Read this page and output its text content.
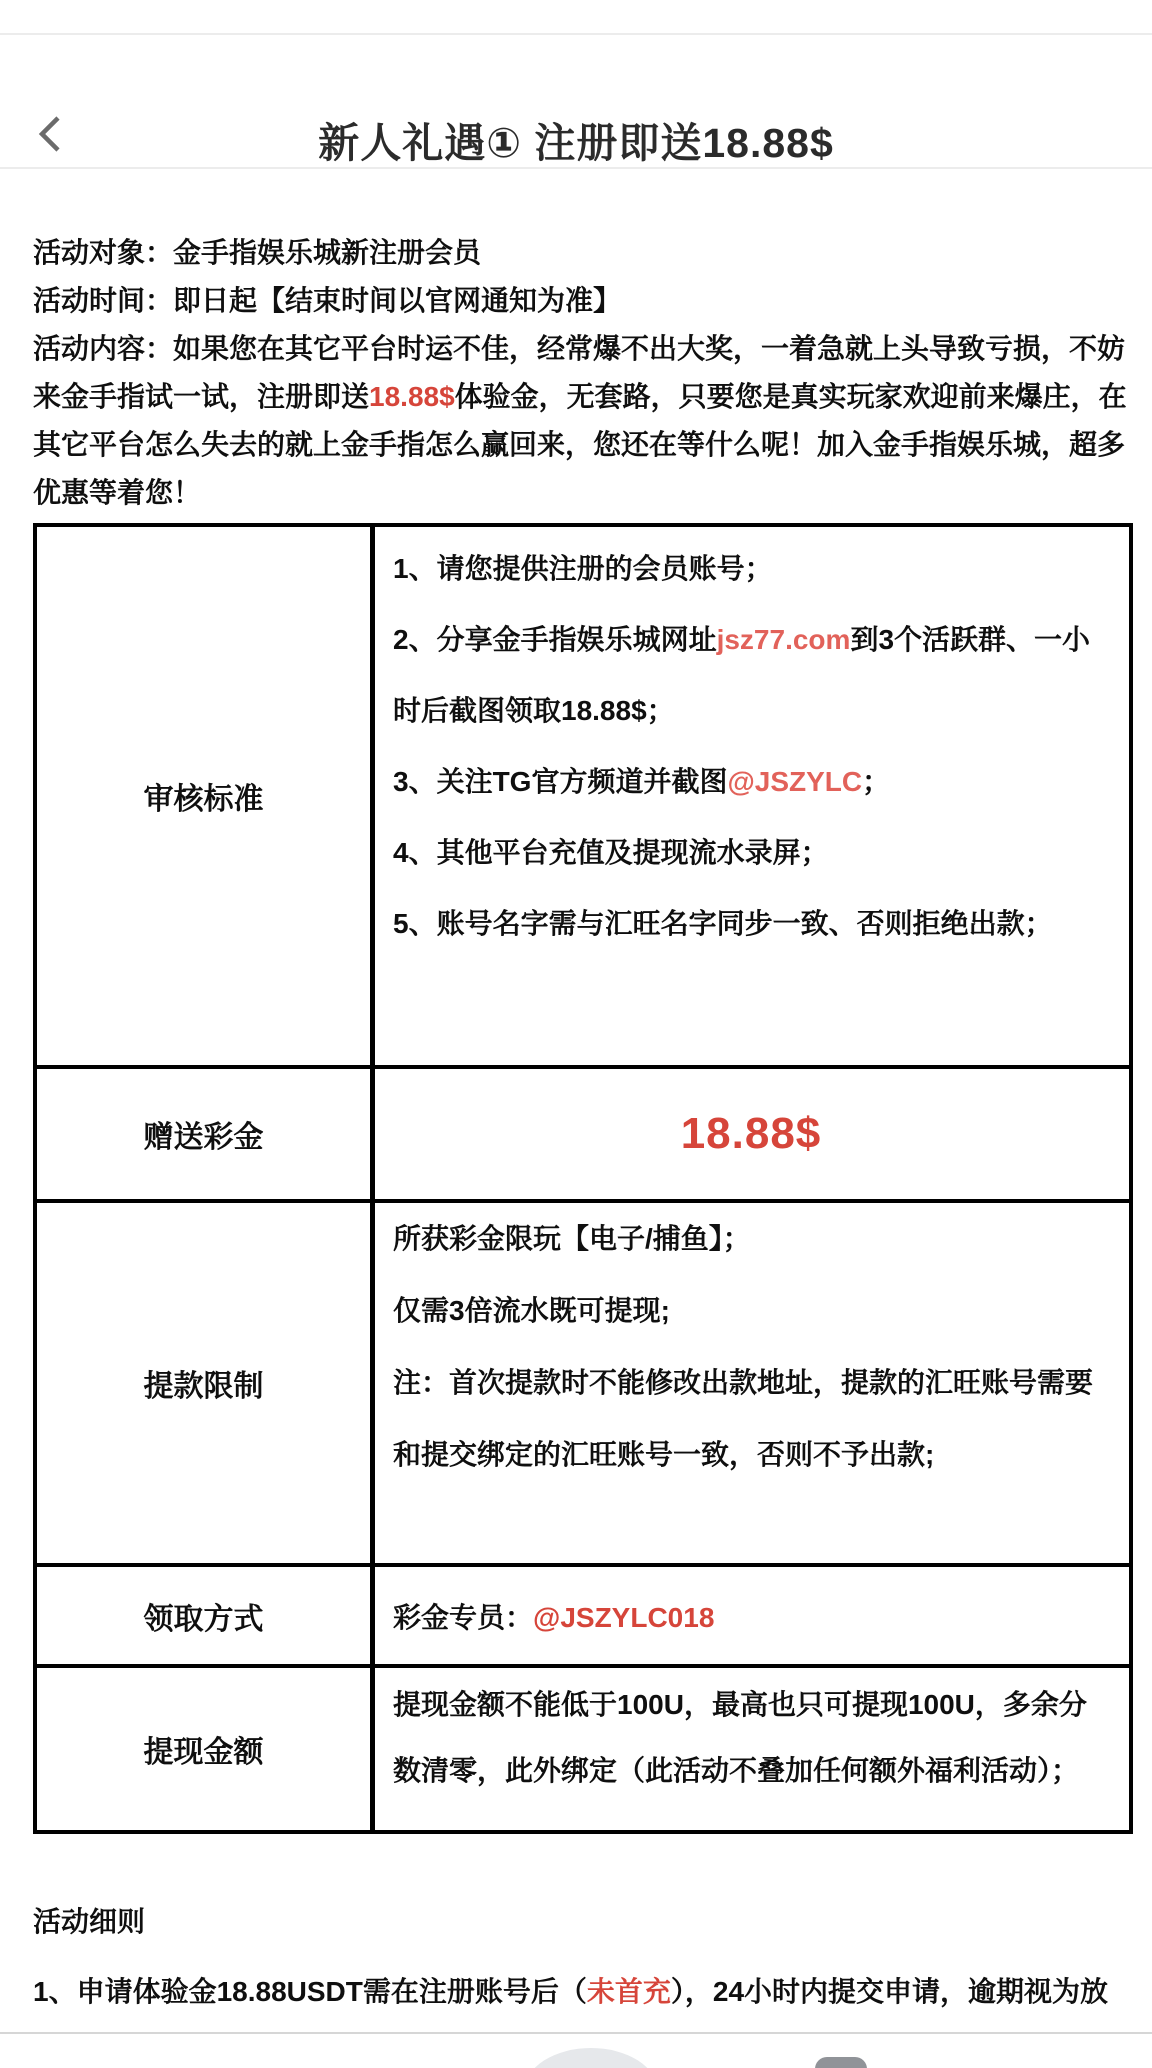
新人礼遇① 注册即送18.88$

活动对象：金手指娱乐城新注册会员

活动时间：即日起【结束时间以官网通知为准】

活动内容：如果您在其它平台时运不佳，经常爆不出大奖，一着急就上头导致亏损，不妨来金手指试一试，注册即送18.88$体验金，无套路，只要您是真实玩家欢迎前来爆庄，在其它平台怎么失去的就上金手指怎么赢回来，您还在等什么呢！加入金手指娱乐城，超多优惠等着您！

审核标准

1、请您提供注册的会员账号；

2、分享金手指娱乐城网址jsz77.com到3个活跃群、一小时后截图领取18.88$；

3、关注TG官方频道并截图@JSZYLC；

4、其他平台充值及提现流水录屏；

5、账号名字需与汇旺名字同步一致、否则拒绝出款；

赠送彩金	18.88$
提款限制

所获彩金限玩【电子/捕鱼】；

仅需3倍流水既可提现;

注：首次提款时不能修改出款地址，提款的汇旺账号需要和提交绑定的汇旺账号一致，否则不予出款;

领取方式	彩金专员：@JSZYLC018

提现金额

提现金额不能低于100U，最高也只可提现100U，多余分数清零，此外绑定（此活动不叠加任何额外福利活动）；

活动细则

1、申请体验金18.88USDT需在注册账号后（未首充），24小时内提交申请，逾期视为放
